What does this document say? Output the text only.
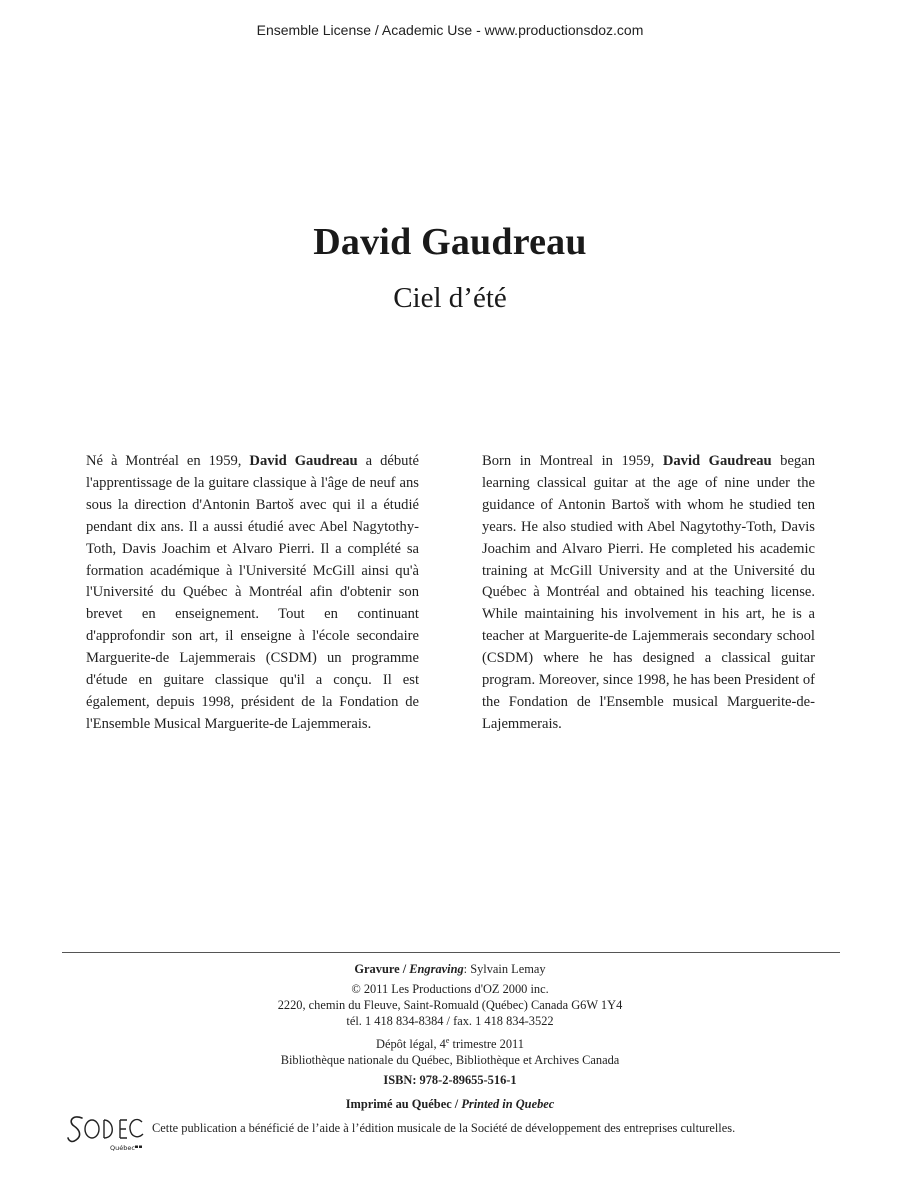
Ensemble License / Academic Use - www.productionsdoz.com
David Gaudreau
Ciel d’été
Né à Montréal en 1959, David Gaudreau a débuté l'apprentissage de la guitare classique à l'âge de neuf ans sous la direction d'Antonin Bartoš avec qui il a étudié pendant dix ans. Il a aussi étudié avec Abel Nagytothy-Toth, Davis Joachim et Alvaro Pierri. Il a complété sa formation académique à l'Université McGill ainsi qu'à l'Université du Québec à Montréal afin d'obtenir son brevet en enseignement. Tout en continuant d'approfondir son art, il enseigne à l'école secondaire Marguerite-de Lajemmerais (CSDM) un programme d'étude en guitare classique qu'il a conçu. Il est également, depuis 1998, président de la Fondation de l'Ensemble Musical Marguerite-de Lajemmerais.
Born in Montreal in 1959, David Gaudreau began learning classical guitar at the age of nine under the guidance of Antonin Bartoš with whom he studied ten years. He also studied with Abel Nagytothy-Toth, Davis Joachim and Alvaro Pierri. He completed his academic training at McGill University and at the Université du Québec à Montréal and obtained his teaching license. While maintaining his involvement in his art, he is a teacher at Marguerite-de Lajemmerais secondary school (CSDM) where he has designed a classical guitar program. Moreover, since 1998, he has been President of the Fondation de l'Ensemble musical Marguerite-de-Lajemmerais.
Gravure / Engraving: Sylvain Lemay
© 2011 Les Productions d'OZ 2000 inc.
2220, chemin du Fleuve, Saint-Romuald (Québec) Canada G6W 1Y4
tél. 1 418 834-8384 / fax. 1 418 834-3522
Dépôt légal, 4e trimestre 2011
Bibliothèque nationale du Québec, Bibliothèque et Archives Canada
ISBN: 978-2-89655-516-1
Imprimé au Québec / Printed in Quebec
Québec
Cette publication a bénéficié de l’aide à l’édition musicale de la Société de développement des entreprises culturelles.
